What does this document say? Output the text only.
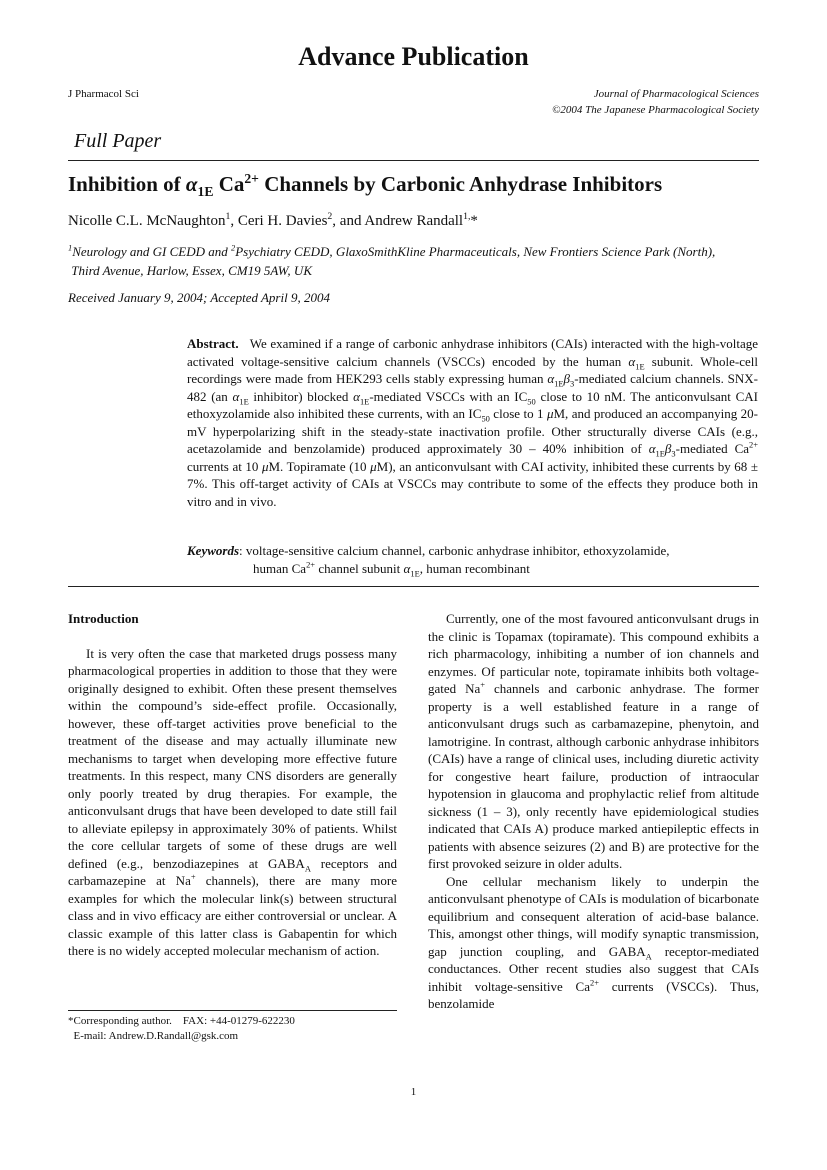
Advance Publication
J Pharmacol Sci	Journal of Pharmacological Sciences
©2004 The Japanese Pharmacological Society
Full Paper
Inhibition of $\alpha_{1E}$ $Ca^{2+}$ Channels by Carbonic Anhydrase Inhibitors
Nicolle C.L. McNaughton$^1$, Ceri H. Davies$^2$, and Andrew Randall$^{1,}$*
$^1$Neurology and GI CEDD and $^2$Psychiatry CEDD, GlaxoSmithKline Pharmaceuticals, New Frontiers Science Park (North),
Third Avenue, Harlow, Essex, CM19 5AW, UK
Received January 9, 2004; Accepted April 9, 2004
Abstract. We examined if a range of carbonic anhydrase inhibitors (CAIs) interacted with the high-voltage activated voltage-sensitive calcium channels (VSCCs) encoded by the human $\alpha_{1E}$ subunit. Whole-cell recordings were made from HEK293 cells stably expressing human $\alpha_{1E}\beta_3$-mediated calcium channels. SNX-482 (an $\alpha_{1E}$ inhibitor) blocked $\alpha_{1E}$-mediated VSCCs with an $IC_{50}$ close to 10 nM. The anticonvulsant CAI ethoxyzolamide also inhibited these currents, with an $IC_{50}$ close to 1 μM, and produced an accompanying 20-mV hyperpolarizing shift in the steady-state inactivation profile. Other structurally diverse CAIs (e.g., acetazolamide and benzolamide) produced approximately 30 – 40% inhibition of $\alpha_{1E}\beta_3$-mediated $Ca^{2+}$ currents at 10 μM. Topiramate (10 μM), an anticonvulsant with CAI activity, inhibited these currents by 68 ± 7%. This off-target activity of CAIs at VSCCs may contribute to some of the effects they produce both in vitro and in vivo.
Keywords: voltage-sensitive calcium channel, carbonic anhydrase inhibitor, ethoxyzolamide,
human $Ca^{2+}$ channel subunit $\alpha_{1E}$, human recombinant

Introduction

It is very often the case that marketed drugs possess many pharmacological properties in addition to those that they were originally designed to exhibit. Often these present themselves within the compound’s side-effect profile. Occasionally, however, these off-target activities prove beneficial to the treatment of the disease and may actually illuminate new mechanisms to target when developing more effective future treatments. In this respect, many CNS disorders are generally only poorly treated by drug therapies. For example, the anticonvulsant drugs that have been developed to date still fail to alleviate epilepsy in approximately 30% of patients. Whilst the core cellular targets of some of these drugs are well defined (e.g., benzodiazepines at $GABA_A$ receptors and carbamazepine at Na+ channels), there are many more examples for which the molecular link(s) between structural class and in vivo efficacy are either controversial or unclear. A classic example of this latter class is Gabapentin for which there is no widely accepted molecular mechanism of action.

Currently, one of the most favoured anticonvulsant drugs in the clinic is Topamax (topiramate). This compound exhibits a rich pharmacology, inhibiting a number of ion channels and enzymes. Of particular note, topiramate inhibits both voltage-gated Na+ channels and carbonic anhydrase. The former property is a well established feature in a range of anticonvulsant drugs such as carbamazepine, phenytoin, and lamotrigine. In contrast, although carbonic anhydrase inhibitors (CAIs) have a range of clinical uses, including diuretic activity for congestive heart failure, production of intraocular hypotension in glaucoma and prophylactic relief from altitude sickness (1 – 3), only recently have epidemiological studies indicated that CAIs A) produce marked antiepileptic effects in patients with absence seizures (2) and B) are protective for the first provoked seizure in older adults.

One cellular mechanism likely to underpin the anticonvulsant phenotype of CAIs is modulation of bicarbonate equilibrium and consequent alteration of acid-base balance. This, amongst other things, will modify synaptic transmission, gap junction coupling, and $GABA_A$ receptor-mediated conductances. Other recent studies also suggest that CAIs inhibit voltage-sensitive $Ca^{2+}$ currents (VSCCs). Thus, benzolamide

*Corresponding author.    FAX: +44-01279-622230
E-mail: Andrew.D.Randall@gsk.com
1
